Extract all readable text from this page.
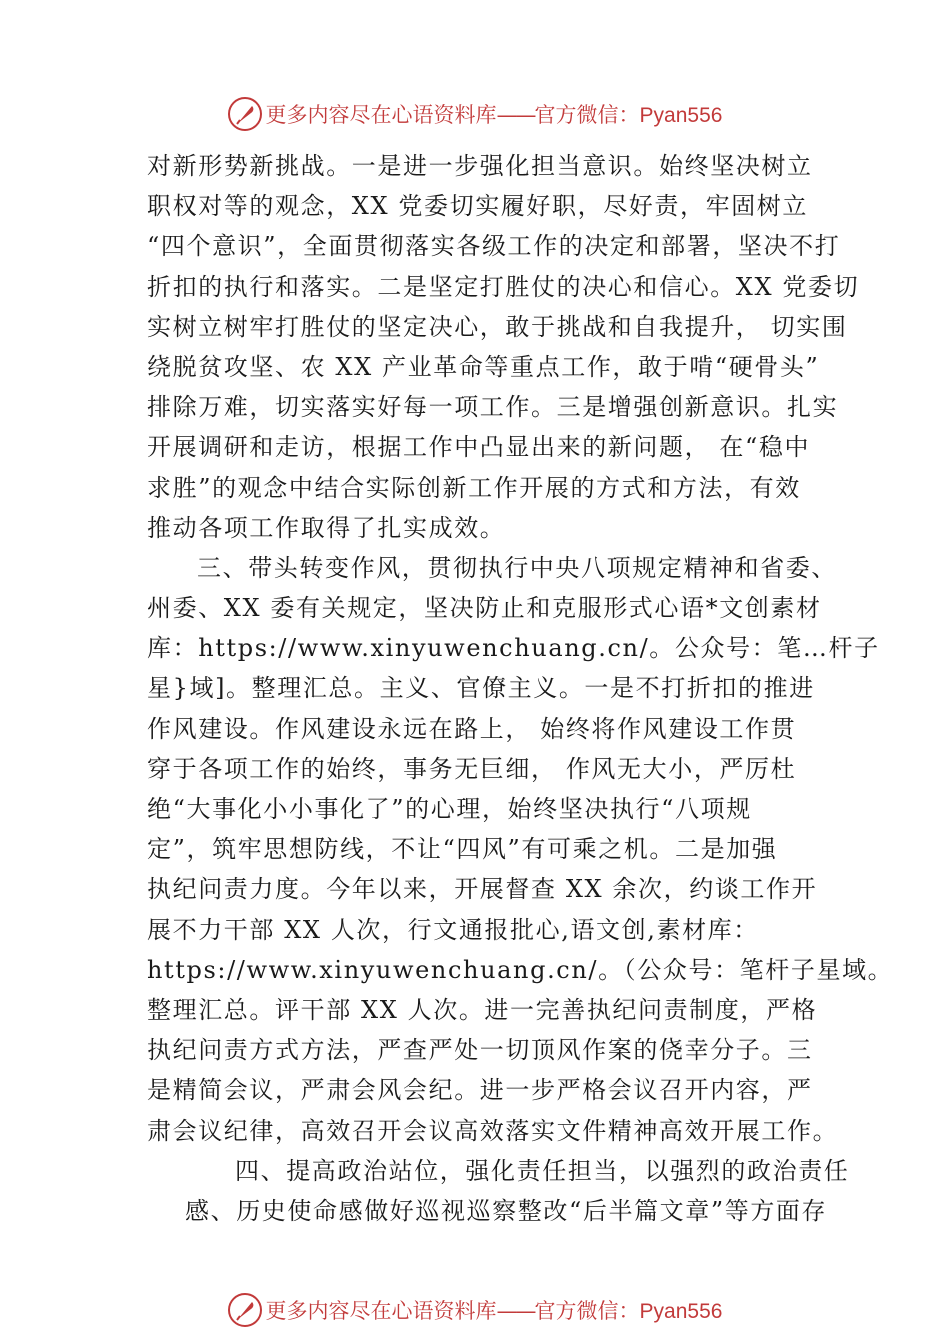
更多内容尽在心语资料库 ——官方微信：Pyan556
对新形势新挑战。一是进一步强化担当意识。始终坚决树立
职权对等的观念，XX 党委切实履好职，尽好责，牢固树立
“四个意识”，全面贯彻落实各级工作的决定和部署，坚决不打
折扣的执行和落实。二是坚定打胜仗的决心和信心。XX 党委切
实树立树牢打胜仗的坚定决心，敢于挑战和自我提升， 切实围
绕脱贫攻坚、农 XX 产业革命等重点工作，敢于啃“硬骨头”
排除万难，切实落实好每一项工作。三是增强创新意识。扎实
开展调研和走访，根据工作中凸显出来的新问题， 在“稳中
求胜”的观念中结合实际创新工作开展的方式和方法，有效
推动各项工作取得了扎实成效。
三、带头转变作风，贯彻执行中央八项规定精神和省委、
州委、XX 委有关规定，坚决防止和克服形式心语*文创素材
库：https://www.xinyuwenchuang.cn/。公众号：笔…杆子
星}域]。整理汇总。主义、官僚主义。一是不打折扣的推进
作风建设。作风建设永远在路上， 始终将作风建设工作贯
穿于各项工作的始终，事务无巨细， 作风无大小，严厉杜
绝“大事化小小事化了”的心理，始终坚决执行“八项规
定”，筑牢思想防线，不让“四风”有可乘之机。二是加强
执纪问责力度。今年以来，开展督查 XX 余次，约谈工作开
展不力干部 XX 人次，行文通报批心,语文创,素材库：
https://www.xinyuwenchuang.cn/。（公众号：笔杆子星域。
整理汇总。评干部 XX 人次。进一完善执纪问责制度，严格
执纪问责方式方法，严查严处一切顶风作案的侥幸分子。三
是精简会议，严肃会风会纪。进一步严格会议召开内容，严
肃会议纪律，高效召开会议高效落实文件精神高效开展工作。
四、提高政治站位，强化责任担当，以强烈的政治责任
感、历史使命感做好巡视巡察整改“后半篇文章”等方面存
更多内容尽在心语资料库 ——官方微信：Pyan556
